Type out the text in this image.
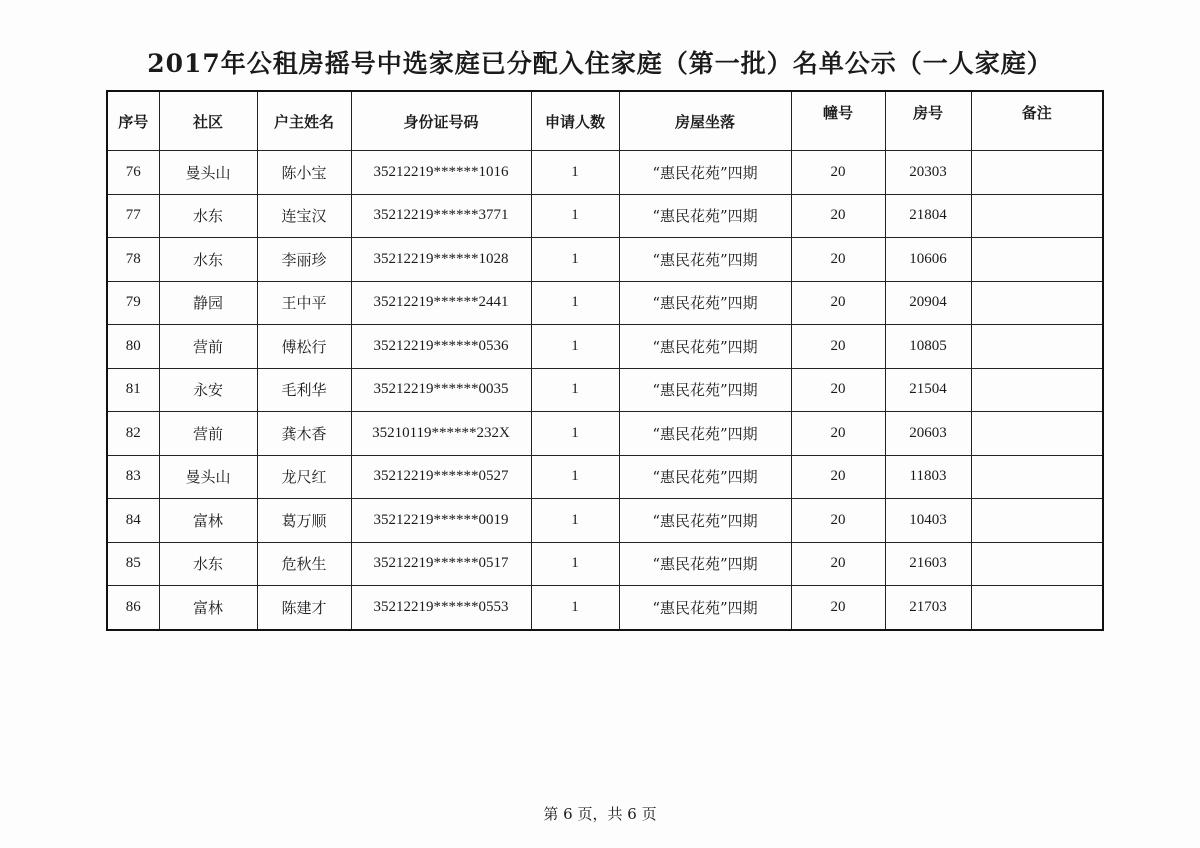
2017年公租房摇号中选家庭已分配入住家庭（第一批）名单公示（一人家庭）
序号	社区	户主姓名	身份证号码	申请人数	房屋坐落	幢号	房号	备注
76	曼头山	陈小宝	35212219******1016	1	“惠民花苑”四期	20	20303	
77	水东	连宝汉	35212219******3771	1	“惠民花苑”四期	20	21804	
78	水东	李丽珍	35212219******1028	1	“惠民花苑”四期	20	10606	
79	静园	王中平	35212219******2441	1	“惠民花苑”四期	20	20904	
80	营前	傅松行	35212219******0536	1	“惠民花苑”四期	20	10805	
81	永安	毛利华	35212219******0035	1	“惠民花苑”四期	20	21504	
82	营前	龚木香	35210119******232X	1	“惠民花苑”四期	20	20603	
83	曼头山	龙尺红	35212219******0527	1	“惠民花苑”四期	20	11803	
84	富林	葛万顺	35212219******0019	1	“惠民花苑”四期	20	10403	
85	水东	危秋生	35212219******0517	1	“惠民花苑”四期	20	21603	
86	富林	陈建才	35212219******0553	1	“惠民花苑”四期	20	21703	
第 6 页，共 6 页
